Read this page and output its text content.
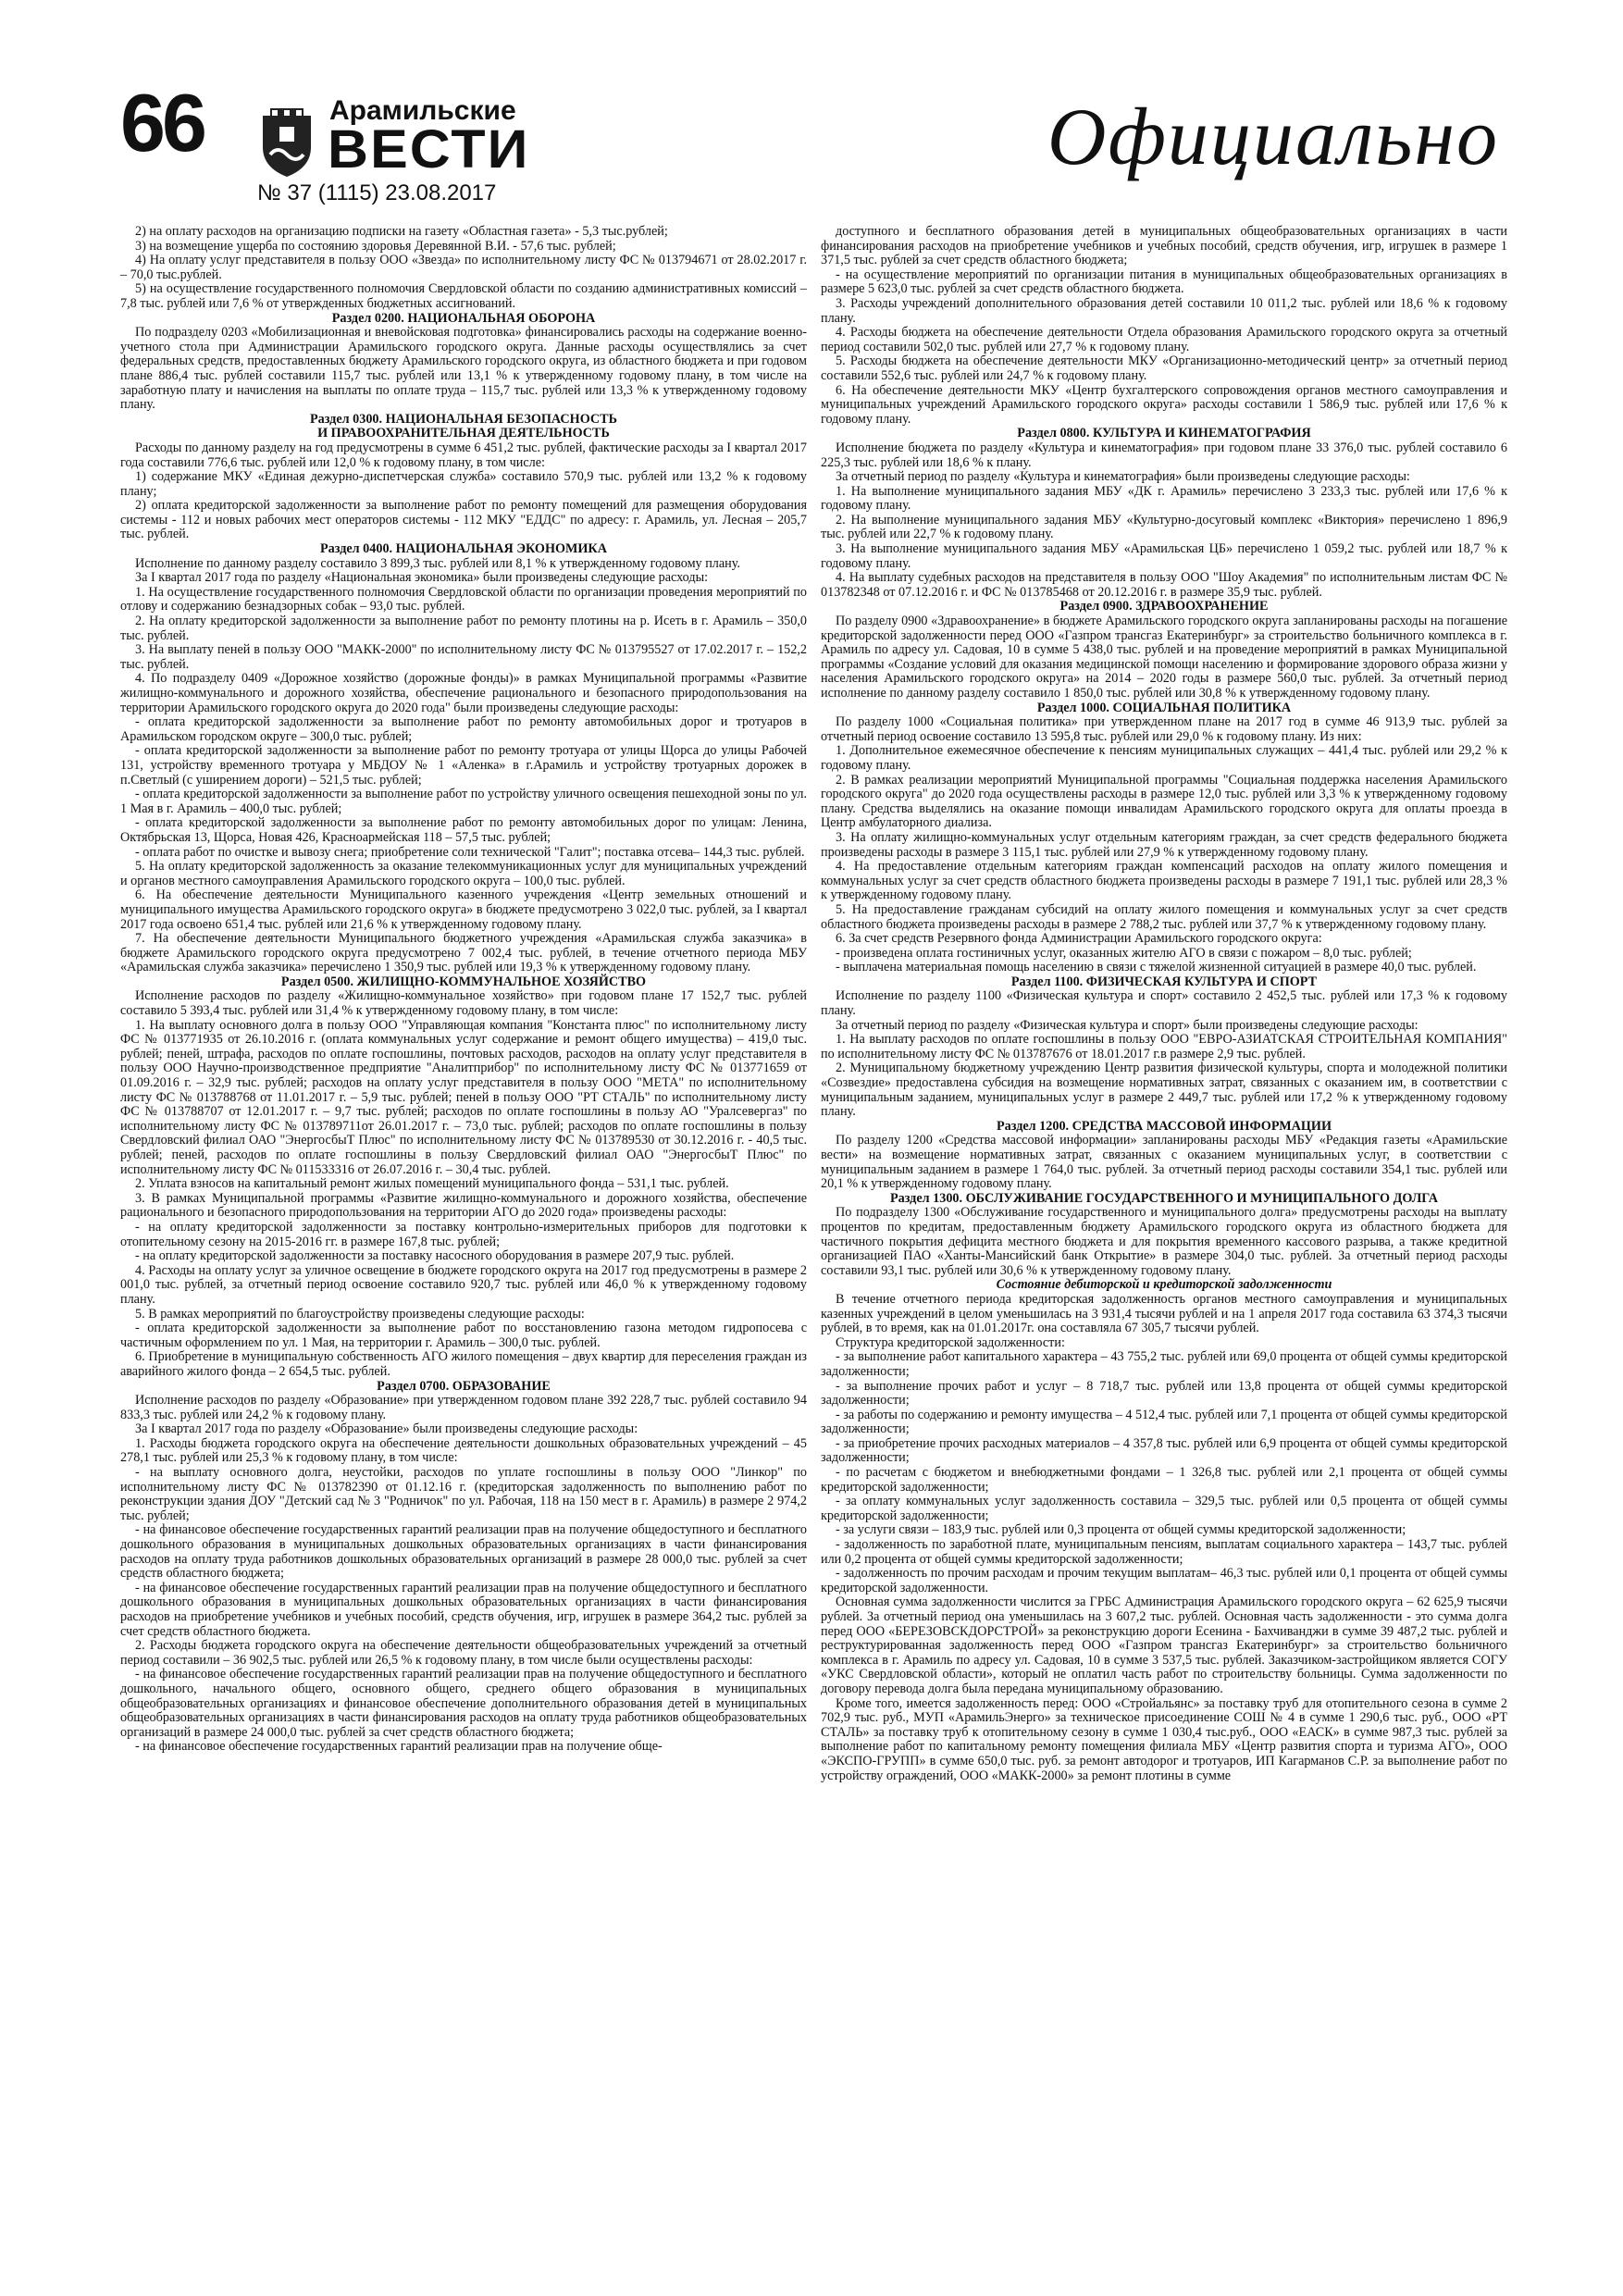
66	Арамильские
ВЕСТИ
№ 37 (1115) 23.08.2017
Официально

2) на оплату расходов на организацию подписки на газету «Областная газета» - 5,3 тыс.рублей;

3) на возмещение ущерба по состоянию здоровья Деревянной В.И. - 57,6 тыс. рублей;

4) На оплату услуг представителя в пользу ООО «Звезда» по исполнительному листу ФС № 013794671 от 28.02.2017 г. – 70,0 тыс.рублей.

5) на осуществление государственного полномочия Свердловской области по созданию административных комиссий – 7,8 тыс. рублей или 7,6 % от утвержденных бюджетных ассигнований.

Раздел 0200. НАЦИОНАЛЬНАЯ ОБОРОНА

По подразделу 0203 «Мобилизационная и вневойсковая подготовка» финансировались расходы на содержание военно-учетного стола при Администрации Арамильского городского округа. Данные расходы осуществлялись за счет федеральных средств, предоставленных бюджету Арамильского городского округа, из областного бюджета и при годовом плане 886,4 тыс. рублей составили 115,7 тыс. рублей или 13,1 % к утвержденному годовому плану, в том числе на заработную плату и начисления на выплаты по оплате труда – 115,7 тыс. рублей или 13,3 % к утвержденному годовому плану.

Раздел 0300. НАЦИОНАЛЬНАЯ БЕЗОПАСНОСТЬ
И ПРАВООХРАНИТЕЛЬНАЯ ДЕЯТЕЛЬНОСТЬ

Расходы по данному разделу на год предусмотрены в сумме 6 451,2 тыс. рублей, фактические расходы за I квартал 2017 года составили 776,6 тыс. рублей или 12,0 % к годовому плану, в том числе:

1) содержание МКУ «Единая дежурно-диспетчерская служба» составило 570,9 тыс. рублей или 13,2 % к годовому плану;

2) оплата кредиторской задолженности за выполнение работ по ремонту помещений для размещения оборудования системы - 112 и новых рабочих мест операторов системы - 112 МКУ "ЕДДС" по адресу: г. Арамиль, ул. Лесная – 205,7 тыс. рублей.

Раздел 0400. НАЦИОНАЛЬНАЯ ЭКОНОМИКА

Исполнение по данному разделу составило 3 899,3 тыс. рублей или 8,1 % к утвержденному годовому плану.

За I квартал 2017 года по разделу «Национальная экономика» были произведены следующие расходы:

1. На осуществление государственного полномочия Свердловской области по организации проведения мероприятий по отлову и содержанию безнадзорных собак – 93,0 тыс. рублей.

2. На оплату кредиторской задолженности за выполнение работ по ремонту плотины на р. Исеть в г. Арамиль – 350,0 тыс. рублей.

3. На выплату пеней в пользу ООО "МАКК-2000" по исполнительному листу ФС № 013795527 от 17.02.2017 г. – 152,2 тыс. рублей.

4. По подразделу 0409 «Дорожное хозяйство (дорожные фонды)» в рамках Муниципальной программы «Развитие жилищно-коммунального и дорожного хозяйства, обеспечение рационального и безопасного природопользования на территории Арамильского городского округа до 2020 года" были произведены следующие расходы:

- оплата кредиторской задолженности за выполнение работ по ремонту автомобильных дорог и тротуаров в Арамильском городском округе – 300,0 тыс. рублей;

- оплата кредиторской задолженности за выполнение работ по ремонту тротуара от улицы Щорса до улицы Рабочей 131, устройству временного тротуара у МБДОУ № 1 «Аленка» в г.Арамиль и устройству тротуарных дорожек в п.Светлый (с уширением дороги) – 521,5 тыс. рублей;

- оплата кредиторской задолженности за выполнение работ по устройству уличного освещения пешеходной зоны по ул. 1 Мая в г. Арамиль – 400,0 тыс. рублей;

- оплата кредиторской задолженности за выполнение работ по ремонту автомобильных дорог по улицам: Ленина, Октябрьская 13, Щорса, Новая 426, Красноармейская 118 – 57,5 тыс. рублей;

- оплата работ по очистке и вывозу снега; приобретение соли технической "Галит"; поставка отсева– 144,3 тыс. рублей.

5. На оплату кредиторской задолженность за оказание телекоммуникационных услуг для муниципальных учреждений и органов местного самоуправления Арамильского городского округа – 100,0 тыс. рублей.

6. На обеспечение деятельности Муниципального казенного учреждения «Центр земельных отношений и муниципального имущества Арамильского городского округа» в бюджете предусмотрено 3 022,0 тыс. рублей, за I квартал 2017 года освоено 651,4 тыс. рублей или 21,6 % к утвержденному годовому плану.

7. На обеспечение деятельности Муниципального бюджетного учреждения «Арамильская служба заказчика» в бюджете Арамильского городского округа предусмотрено 7 002,4 тыс. рублей, в течение отчетного периода МБУ «Арамильская служба заказчика» перечислено 1 350,9 тыс. рублей или 19,3 % к утвержденному годовому плану.

Раздел 0500. ЖИЛИЩНО-КОММУНАЛЬНОЕ ХОЗЯЙСТВО

Исполнение расходов по разделу «Жилищно-коммунальное хозяйство» при годовом плане 17 152,7 тыс. рублей составило 5 393,4 тыс. рублей или 31,4 % к утвержденному годовому плану, в том числе:

1. На выплату основного долга в пользу ООО "Управляющая компания "Константа плюс" по исполнительному листу ФС № 013771935 от 26.10.2016 г. (оплата коммунальных услуг содержание и ремонт общего имущества) – 419,0 тыс. рублей; пеней, штрафа, расходов по оплате госпошлины, почтовых расходов, расходов на оплату услуг представителя в пользу ООО Научно-производственное предприятие "Аналитприбор" по исполнительному листу ФС № 013771659 от 01.09.2016 г. – 32,9 тыс. рублей; расходов на оплату услуг представителя в пользу ООО "МЕТА" по исполнительному листу ФС № 013788768 от 11.01.2017 г. – 5,9 тыс. рублей; пеней в пользу ООО "РТ СТАЛЬ" по исполнительному листу ФС № 013788707 от 12.01.2017 г. – 9,7 тыс. рублей; расходов по оплате госпошлины в пользу АО "Уралсевергаз" по исполнительному листу ФС № 013789711от 26.01.2017 г. – 73,0 тыс. рублей; расходов по оплате госпошлины в пользу Свердловский филиал ОАО "ЭнергосбыТ Плюс" по исполнительному листу ФС № 013789530 от 30.12.2016 г. - 40,5 тыс. рублей; пеней, расходов по оплате госпошлины в пользу Свердловский филиал ОАО "ЭнергосбыТ Плюс" по исполнительному листу ФС № 011533316 от 26.07.2016 г. – 30,4 тыс. рублей.

2. Уплата взносов на капитальный ремонт жилых помещений муниципального фонда – 531,1 тыс. рублей.

3. В рамках Муниципальной программы «Развитие жилищно-коммунального и дорожного хозяйства, обеспечение рационального и безопасного природопользования на территории АГО до 2020 года» произведены расходы:

- на оплату кредиторской задолженности за поставку контрольно-измерительных приборов для подготовки к отопительному сезону на 2015-2016 гг. в размере 167,8 тыс. рублей;

- на оплату кредиторской задолженности за поставку насосного оборудования в размере 207,9 тыс. рублей.

4. Расходы на оплату услуг за уличное освещение в бюджете городского округа на 2017 год предусмотрены в размере 2 001,0 тыс. рублей, за отчетный период освоение составило 920,7 тыс. рублей или 46,0 % к утвержденному годовому плану.

5. В рамках мероприятий по благоустройству произведены следующие расходы:

- оплата кредиторской задолженности за выполнение работ по восстановлению газона методом гидропосева с частичным оформлением по ул. 1 Мая, на территории г. Арамиль – 300,0 тыс. рублей.

6. Приобретение в муниципальную собственность АГО жилого помещения – двух квартир для переселения граждан из аварийного жилого фонда – 2 654,5 тыс. рублей.

Раздел 0700. ОБРАЗОВАНИЕ

Исполнение расходов по разделу «Образование» при утвержденном годовом плане 392 228,7 тыс. рублей составило 94 833,3 тыс. рублей или 24,2 % к годовому плану.

За I квартал 2017 года по разделу «Образование» были произведены следующие расходы:

1. Расходы бюджета городского округа на обеспечение деятельности дошкольных образовательных учреждений – 45 278,1 тыс. рублей или 25,3 % к годовому плану, в том числе:

- на выплату основного долга, неустойки, расходов по уплате госпошлины в пользу ООО "Линкор" по исполнительному листу ФС № 013782390 от 01.12.16 г. (кредиторская задолженность по выполнению работ по реконструкции здания ДОУ "Детский сад № 3 "Родничок" по ул. Рабочая, 118 на 150 мест в г. Арамиль) в размере 2 974,2 тыс. рублей;

- на финансовое обеспечение государственных гарантий реализации прав на получение общедоступного и бесплатного дошкольного образования в муниципальных дошкольных образовательных организациях в части финансирования расходов на оплату труда работников дошкольных образовательных организаций в размере 28 000,0 тыс. рублей за счет средств областного бюджета;

- на финансовое обеспечение государственных гарантий реализации прав на получение общедоступного и бесплатного дошкольного образования в муниципальных дошкольных образовательных организациях в части финансирования расходов на приобретение учебников и учебных пособий, средств обучения, игр, игрушек в размере 364,2 тыс. рублей за счет средств областного бюджета.

2. Расходы бюджета городского округа на обеспечение деятельности общеобразовательных учреждений за отчетный период составили – 36 902,5 тыс. рублей или 26,5 % к годовому плану, в том числе были осуществлены расходы:

- на финансовое обеспечение государственных гарантий реализации прав на получение общедоступного и бесплатного дошкольного, начального общего, основного общего, среднего общего образования в муниципальных общеобразовательных организациях и финансовое обеспечение дополнительного образования детей в муниципальных общеобразовательных организациях в части финансирования расходов на оплату труда работников общеобразовательных организаций в размере 24 000,0 тыс. рублей за счет средств областного бюджета;

- на финансовое обеспечение государственных гарантий реализации прав на получение обще-

доступного и бесплатного образования детей в муниципальных общеобразовательных организациях в части финансирования расходов на приобретение учебников и учебных пособий, средств обучения, игр, игрушек в размере 1 371,5 тыс. рублей за счет средств областного бюджета;

- на осуществление мероприятий по организации питания в муниципальных общеобразовательных организациях в размере 5 623,0 тыс. рублей за счет средств областного бюджета.

3. Расходы учреждений дополнительного образования детей составили 10 011,2 тыс. рублей или 18,6 % к годовому плану.

4. Расходы бюджета на обеспечение деятельности Отдела образования Арамильского городского округа за отчетный период составили 502,0 тыс. рублей или 27,7 % к годовому плану.

5. Расходы бюджета на обеспечение деятельности МКУ «Организационно-методический центр» за отчетный период составили 552,6 тыс. рублей или 24,7 % к годовому плану.

6. На обеспечение деятельности МКУ «Центр бухгалтерского сопровождения органов местного самоуправления и муниципальных учреждений Арамильского городского округа» расходы составили 1 586,9 тыс. рублей или 17,6 % к годовому плану.

Раздел 0800. КУЛЬТУРА И КИНЕМАТОГРАФИЯ

Исполнение бюджета по разделу «Культура и кинематография» при годовом плане 33 376,0 тыс. рублей составило 6 225,3 тыс. рублей или 18,6 % к плану.

За отчетный период по разделу «Культура и кинематография» были произведены следующие расходы:

1. На выполнение муниципального задания МБУ «ДК г. Арамиль» перечислено 3 233,3 тыс. рублей или 17,6 % к годовому плану.

2. На выполнение муниципального задания МБУ «Культурно-досуговый комплекс «Виктория» перечислено 1 896,9 тыс. рублей или 22,7 % к годовому плану.

3. На выполнение муниципального задания МБУ «Арамильская ЦБ» перечислено 1 059,2 тыс. рублей или 18,7 % к годовому плану.

4. На выплату судебных расходов на представителя в пользу ООО "Шоу Академия" по исполнительным листам ФС № 013782348 от 07.12.2016 г. и ФС № 013785468 от 20.12.2016 г. в размере 35,9 тыс. рублей.

Раздел 0900. ЗДРАВООХРАНЕНИЕ

По разделу 0900 «Здравоохранение» в бюджете Арамильского городского округа запланированы расходы на погашение кредиторской задолженности перед ООО «Газпром трансгаз Екатеринбург» за строительство больничного комплекса в г. Арамиль по адресу ул. Садовая, 10 в сумме 5 438,0 тыс. рублей и на проведение мероприятий в рамках Муниципальной программы «Создание условий для оказания медицинской помощи населению и формирование здорового образа жизни у населения Арамильского городского округа» на 2014 – 2020 годы в размере 560,0 тыс. рублей. За отчетный период исполнение по данному разделу составило 1 850,0 тыс. рублей или 30,8 % к утвержденному годовому плану.

Раздел 1000. СОЦИАЛЬНАЯ ПОЛИТИКА

По разделу 1000 «Социальная политика» при утвержденном плане на 2017 год в сумме 46 913,9 тыс. рублей за отчетный период освоение составило 13 595,8 тыс. рублей или 29,0 % к годовому плану. Из них:

1. Дополнительное ежемесячное обеспечение к пенсиям муниципальных служащих – 441,4 тыс. рублей или 29,2 % к годовому плану.

2. В рамках реализации мероприятий Муниципальной программы "Социальная поддержка населения Арамильского городского округа" до 2020 года осуществлены расходы в размере 12,0 тыс. рублей или 3,3 % к утвержденному годовому плану. Средства выделялись на оказание помощи инвалидам Арамильского городского округа для оплаты проезда в Центр амбулаторного диализа.

3. На оплату жилищно-коммунальных услуг отдельным категориям граждан, за счет средств федерального бюджета произведены расходы в размере 3 115,1 тыс. рублей или 27,9 % к утвержденному годовому плану.

4. На предоставление отдельным категориям граждан компенсаций расходов на оплату жилого помещения и коммунальных услуг за счет средств областного бюджета произведены расходы в размере 7 191,1 тыс. рублей или 28,3 % к утвержденному годовому плану.

5. На предоставление гражданам субсидий на оплату жилого помещения и коммунальных услуг за счет средств областного бюджета произведены расходы в размере 2 788,2 тыс. рублей или 37,7 % к утвержденному годовому плану.

6. За счет средств Резервного фонда Администрации Арамильского городского округа:

- произведена оплата гостиничных услуг, оказанных жителю АГО в связи с пожаром – 8,0 тыс. рублей;

- выплачена материальная помощь населению в связи с тяжелой жизненной ситуацией в размере 40,0 тыс. рублей.

Раздел 1100. ФИЗИЧЕСКАЯ КУЛЬТУРА И СПОРТ

Исполнение по разделу 1100 «Физическая культура и спорт» составило 2 452,5 тыс. рублей или 17,3 % к годовому плану.

За отчетный период по разделу «Физическая культура и спорт» были произведены следующие расходы:

1. На выплату расходов по оплате госпошлины в пользу ООО "ЕВРО-АЗИАТСКАЯ СТРОИТЕЛЬНАЯ КОМПАНИЯ" по исполнительному листу ФС № 013787676 от 18.01.2017 г.в размере 2,9 тыс. рублей.

2. Муниципальному бюджетному учреждению Центр развития физической культуры, спорта и молодежной политики «Созвездие» предоставлена субсидия на возмещение нормативных затрат, связанных с оказанием им, в соответствии с муниципальным заданием, муниципальных услуг в размере 2 449,7 тыс. рублей или 17,2 % к утвержденному годовому плану.

Раздел 1200. СРЕДСТВА МАССОВОЙ ИНФОРМАЦИИ

По разделу 1200 «Средства массовой информации» запланированы расходы МБУ «Редакция газеты «Арамильские вести» на возмещение нормативных затрат, связанных с оказанием муниципальных услуг, в соответствии с муниципальным заданием в размере 1 764,0 тыс. рублей. За отчетный период расходы составили 354,1 тыс. рублей или 20,1 % к утвержденному годовому плану.

Раздел 1300. ОБСЛУЖИВАНИЕ ГОСУДАРСТВЕННОГО И МУНИЦИПАЛЬНОГО ДОЛГА

По подразделу 1300 «Обслуживание государственного и муниципального долга» предусмотрены расходы на выплату процентов по кредитам, предоставленным бюджету Арамильского городского округа из областного бюджета для частичного покрытия дефицита местного бюджета и для покрытия временного кассового разрыва, а также кредитной организацией ПАО «Ханты-Мансийский банк Открытие» в размере 304,0 тыс. рублей. За отчетный период расходы составили 93,1 тыс. рублей или 30,6 % к утвержденному годовому плану.

Состояние дебиторской и кредиторской задолженности

В течение отчетного периода кредиторская задолженность органов местного самоуправления и муниципальных казенных учреждений в целом уменьшилась на 3 931,4 тысячи рублей и на 1 апреля 2017 года составила 63 374,3 тысячи рублей, в то время, как на 01.01.2017г. она составляла 67 305,7 тысячи рублей.

Структура кредиторской задолженности:

- за выполнение работ капитального характера – 43 755,2 тыс. рублей или 69,0 процента от общей суммы кредиторской задолженности;

- за выполнение прочих работ и услуг – 8 718,7 тыс. рублей или 13,8 процента от общей суммы кредиторской задолженности;

- за работы по содержанию и ремонту имущества – 4 512,4 тыс. рублей или 7,1 процента от общей суммы кредиторской задолженности;

- за приобретение прочих расходных материалов – 4 357,8 тыс. рублей или 6,9 процента от общей суммы кредиторской задолженности;

- по расчетам с бюджетом и внебюджетными фондами – 1 326,8 тыс. рублей или 2,1 процента от общей суммы кредиторской задолженности;

- за оплату коммунальных услуг задолженность составила – 329,5 тыс. рублей или 0,5 процента от общей суммы кредиторской задолженности;

- за услуги связи – 183,9 тыс. рублей или 0,3 процента от общей суммы кредиторской задолженности;

- задолженность по заработной плате, муниципальным пенсиям, выплатам социального характера – 143,7 тыс. рублей или 0,2 процента от общей суммы кредиторской задолженности;

- задолженность по прочим расходам и прочим текущим выплатам– 46,3 тыс. рублей или 0,1 процента от общей суммы кредиторской задолженности.

Основная сумма задолженности числится за ГРБС Администрация Арамильского городского округа – 62 625,9 тысячи рублей. За отчетный период она уменьшилась на 3 607,2 тыс. рублей. Основная часть задолженности - это сумма долга перед ООО «БЕРЕЗОВСКДОРСТРОЙ» за реконструкцию дороги Есенина - Бахчиванджи в сумме 39 487,2 тыс. рублей и реструктурированная задолженность перед ООО «Газпром трансгаз Екатеринбург» за строительство больничного комплекса в г. Арамиль по адресу ул. Садовая, 10 в сумме 3 537,5 тыс. рублей. Заказчиком-застройщиком является СОГУ «УКС Свердловской области», который не оплатил часть работ по строительству больницы. Сумма задолженности по договору перевода долга была передана муниципальному образованию.

Кроме того, имеется задолженность перед: ООО «Стройальянс» за поставку труб для отопительного сезона в сумме 2 702,9 тыс. руб., МУП «АрамильЭнерго» за техническое присоединение СОШ № 4 в сумме 1 290,6 тыс. руб., ООО «РТ СТАЛЬ» за поставку труб к отопительному сезону в сумме 1 030,4 тыс.руб., ООО «ЕАСК» в сумме 987,3 тыс. рублей за выполнение работ по капитальному ремонту помещения филиала МБУ «Центр развития спорта и туризма АГО», ООО «ЭКСПО-ГРУПП» в сумме 650,0 тыс. руб. за ремонт автодорог и тротуаров, ИП Кагарманов С.Р. за выполнение работ по устройству ограждений, ООО «МАКК-2000» за ремонт плотины в сумме
